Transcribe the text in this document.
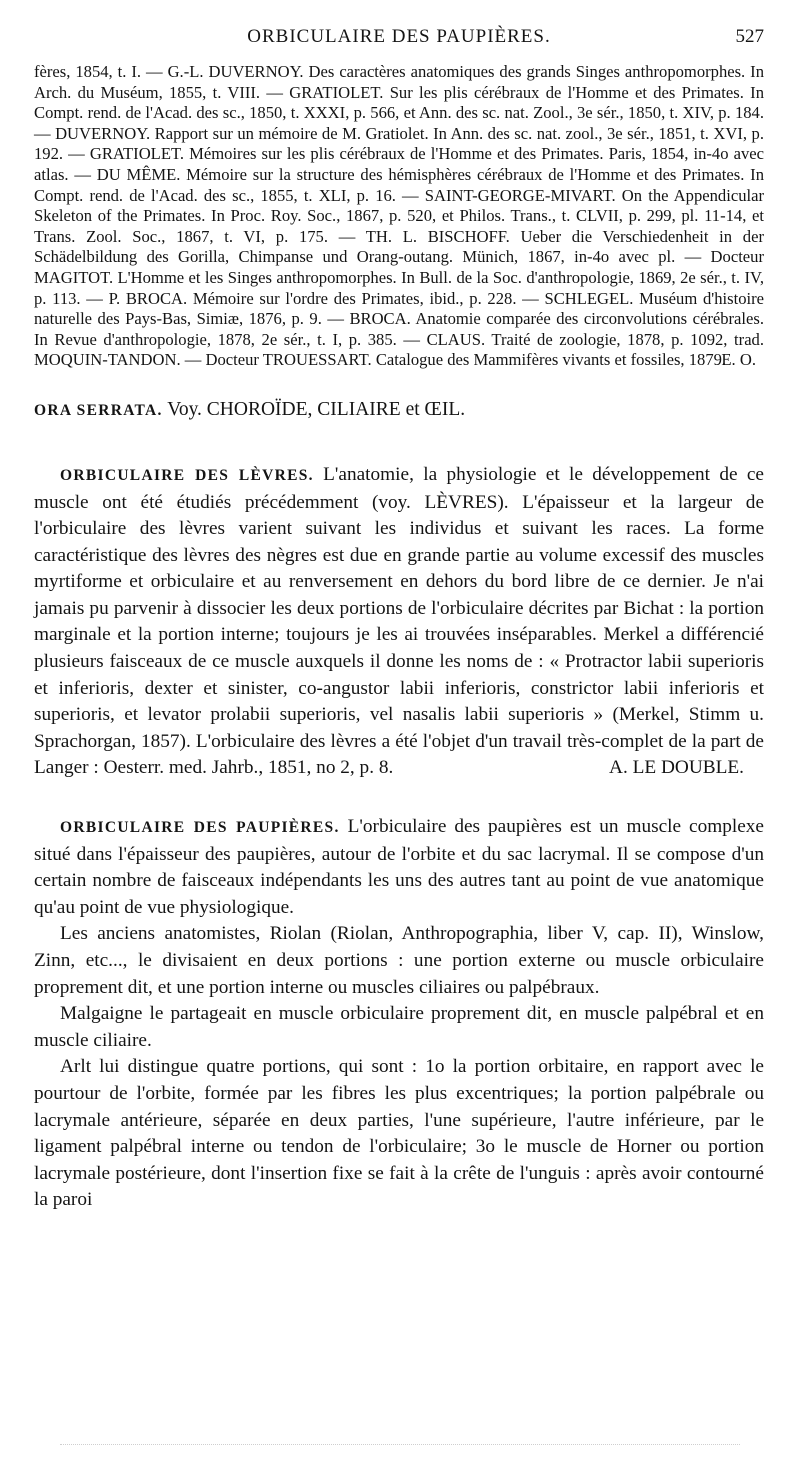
ORBICULAIRE DES PAUPIÈRES.	527
fères, 1854, t. I. — G.-L. DUVERNOY. Des caractères anatomiques des grands Singes anthropomorphes. In Arch. du Muséum, 1855, t. VIII. — GRATIOLET. Sur les plis cérébraux de l'Homme et des Primates. In Compt. rend. de l'Acad. des sc., 1850, t. XXXI, p. 566, et Ann. des sc. nat. Zool., 3e sér., 1850, t. XIV, p. 184. — DUVERNOY. Rapport sur un mémoire de M. Gratiolet. In Ann. des sc. nat. zool., 3e sér., 1851, t. XVI, p. 192. — GRATIOLET. Mémoires sur les plis cérébraux de l'Homme et des Primates. Paris, 1854, in-4o avec atlas. — DU MÊME. Mémoire sur la structure des hémisphères cérébraux de l'Homme et des Primates. In Compt. rend. de l'Acad. des sc., 1855, t. XLI, p. 16. — SAINT-GEORGE-MIVART. On the Appendicular Skeleton of the Primates. In Proc. Roy. Soc., 1867, p. 520, et Philos. Trans., t. CLVII, p. 299, pl. 11-14, et Trans. Zool. Soc., 1867, t. VI, p. 175. — TH. L. BISCHOFF. Ueber die Verschiedenheit in der Schädelbildung des Gorilla, Chimpanse und Orang-outang. Münich, 1867, in-4o avec pl. — Docteur MAGITOT. L'Homme et les Singes anthropomorphes. In Bull. de la Soc. d'anthropologie, 1869, 2e sér., t. IV, p. 113. — P. BROCA. Mémoire sur l'ordre des Primates, ibid., p. 228. — SCHLEGEL. Muséum d'histoire naturelle des Pays-Bas, Simiæ, 1876, p. 9. — BROCA. Anatomie comparée des circonvolutions cérébrales. In Revue d'anthropologie, 1878, 2e sér., t. I, p. 385. — CLAUS. Traité de zoologie, 1878, p. 1092, trad. MOQUIN-TANDON. — Docteur TROUESSART. Catalogue des Mammifères vivants et fossiles, 1879.
E. O.
ORA SERRATA. Voy. CHOROÏDE, CILIAIRE et ŒIL.

ORBICULAIRE DES LÈVRES. L'anatomie, la physiologie et le développement de ce muscle ont été étudiés précédemment (voy. LÈVRES). L'épaisseur et la largeur de l'orbiculaire des lèvres varient suivant les individus et suivant les races. La forme caractéristique des lèvres des nègres est due en grande partie au volume excessif des muscles myrtiforme et orbiculaire et au renversement en dehors du bord libre de ce dernier. Je n'ai jamais pu parvenir à dissocier les deux portions de l'orbiculaire décrites par Bichat : la portion marginale et la portion interne; toujours je les ai trouvées inséparables. Merkel a différencié plusieurs faisceaux de ce muscle auxquels il donne les noms de : « Protractor labii superioris et inferioris, dexter et sinister, co-angustor labii inferioris, constrictor labii inferioris et superioris, et levator prolabii superioris, vel nasalis labii superioris » (Merkel, Stimm u. Sprachorgan, 1857). L'orbiculaire des lèvres a été l'objet d'un travail très-complet de la part de Langer : Oesterr. med. Jahrb., 1851, no 2, p. 8.	A. LE DOUBLE.

ORBICULAIRE DES PAUPIÈRES. L'orbiculaire des paupières est un muscle complexe situé dans l'épaisseur des paupières, autour de l'orbite et du sac lacrymal. Il se compose d'un certain nombre de faisceaux indépendants les uns des autres tant au point de vue anatomique qu'au point de vue physiologique.

Les anciens anatomistes, Riolan (Riolan, Anthropographia, liber V, cap. II), Winslow, Zinn, etc..., le divisaient en deux portions : une portion externe ou muscle orbiculaire proprement dit, et une portion interne ou muscles ciliaires ou palpébraux.

Malgaigne le partageait en muscle orbiculaire proprement dit, en muscle palpébral et en muscle ciliaire.

Arlt lui distingue quatre portions, qui sont : 1o la portion orbitaire, en rapport avec le pourtour de l'orbite, formée par les fibres les plus excentriques; la portion palpébrale ou lacrymale antérieure, séparée en deux parties, l'une supérieure, l'autre inférieure, par le ligament palpébral interne ou tendon de l'orbiculaire; 3o le muscle de Horner ou portion lacrymale postérieure, dont l'insertion fixe se fait à la crête de l'unguis : après avoir contourné la paroi
